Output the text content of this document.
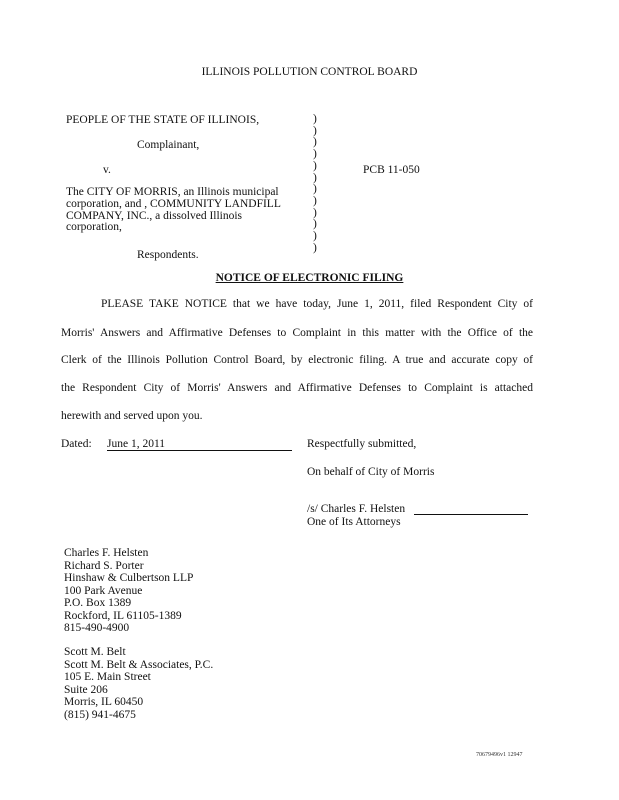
ILLINOIS POLLUTION CONTROL BOARD
PEOPLE OF THE STATE OF ILLINOIS,
Complainant,
v.
The CITY OF MORRIS, an Illinois municipal
corporation, and , COMMUNITY LANDFILL
COMPANY, INC., a dissolved Illinois
corporation,
Respondents.
)
)
)
)
)
)
)
)
)
)
)
)
PCB 11-050
NOTICE OF ELECTRONIC FILING
PLEASE TAKE NOTICE that we have today, June 1, 2011, filed Respondent City of
Morris' Answers and Affirmative Defenses to Complaint in this matter with the Office of the
Clerk of the Illinois Pollution Control Board, by electronic filing. A true and accurate copy of
the Respondent City of Morris' Answers and Affirmative Defenses to Complaint is attached
herewith and served upon you.
Dated: June 1, 2011	Respectfully submitted,
On behalf of City of Morris
/s/ Charles F. Helsten
One of Its Attorneys
Charles F. Helsten
Richard S. Porter
Hinshaw & Culbertson LLP
100 Park Avenue
P.O. Box 1389
Rockford, IL 61105-1389
815-490-4900
Scott M. Belt
Scott M. Belt & Associates, P.C.
105 E. Main Street
Suite 206
Morris, IL 60450
(815) 941-4675
70679496v1 12947
